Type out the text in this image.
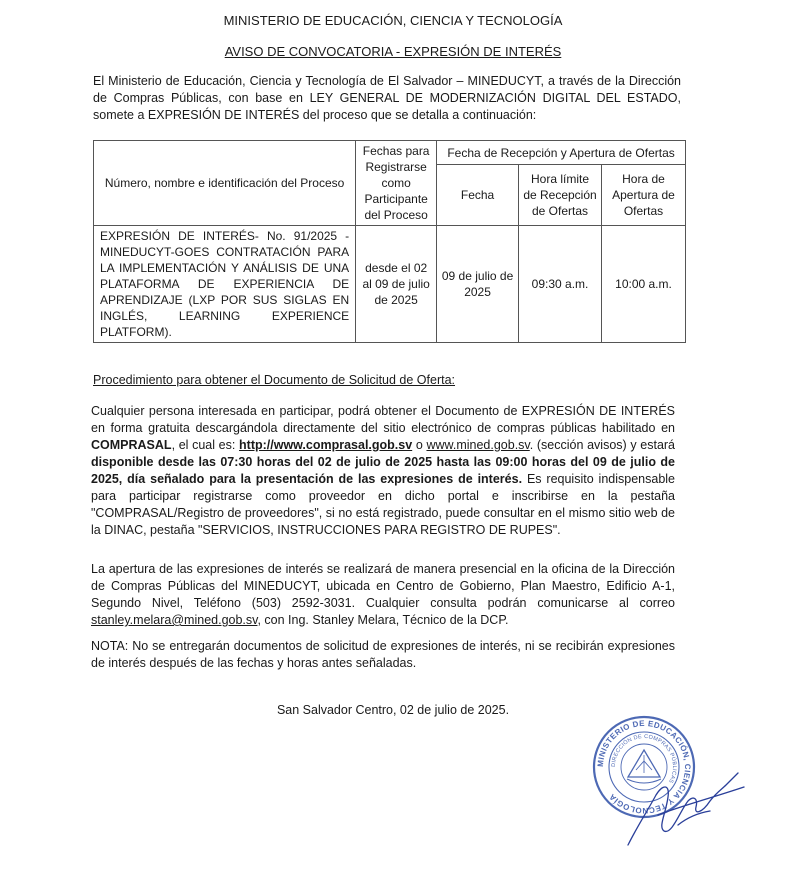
MINISTERIO DE EDUCACIÓN, CIENCIA Y TECNOLOGÍA
AVISO DE CONVOCATORIA - EXPRESIÓN DE INTERÉS
El Ministerio de Educación, Ciencia y Tecnología de El Salvador – MINEDUCYT, a través de la Dirección de Compras Públicas, con base en LEY GENERAL DE MODERNIZACIÓN DIGITAL DEL ESTADO, somete a EXPRESIÓN DE INTERÉS del proceso que se detalla a continuación:
Número, nombre e identificación del Proceso	Fechas para Registrarse como Participante del Proceso	Fecha de Recepción y Apertura de Ofertas		
		Fecha	Hora límite de Recepción de Ofertas	Hora de Apertura de Ofertas
EXPRESIÓN DE INTERÉS- No. 91/2025 - MINEDUCYT-GOES CONTRATACIÓN PARA LA IMPLEMENTACIÓN Y ANÁLISIS DE UNA PLATAFORMA DE EXPERIENCIA DE APRENDIZAJE (LXP POR SUS SIGLAS EN INGLÉS, LEARNING EXPERIENCE PLATFORM).	desde el 02 al 09 de julio de 2025	09 de julio de 2025	09:30 a.m.	10:00 a.m.
Procedimiento para obtener el Documento de Solicitud de Oferta:
Cualquier persona interesada en participar, podrá obtener el Documento de EXPRESIÓN DE INTERÉS en forma gratuita descargándola directamente del sitio electrónico de compras públicas habilitado en COMPRASAL, el cual es: http://www.comprasal.gob.sv o www.mined.gob.sv. (sección avisos) y estará disponible desde las 07:30 horas del 02 de julio de 2025 hasta las 09:00 horas del 09 de julio de 2025, día señalado para la presentación de las expresiones de interés. Es requisito indispensable para participar registrarse como proveedor en dicho portal e inscribirse en la pestaña "COMPRASAL/Registro de proveedores", si no está registrado, puede consultar en el mismo sitio web de la DINAC, pestaña "SERVICIOS, INSTRUCCIONES PARA REGISTRO DE RUPES".
La apertura de las expresiones de interés se realizará de manera presencial en la oficina de la Dirección de Compras Públicas del MINEDUCYT, ubicada en Centro de Gobierno, Plan Maestro, Edificio A-1, Segundo Nivel, Teléfono (503) 2592-3031. Cualquier consulta podrán comunicarse al correo stanley.melara@mined.gob.sv, con Ing. Stanley Melara, Técnico de la DCP.
NOTA: No se entregarán documentos de solicitud de expresiones de interés, ni se recibirán expresiones de interés después de las fechas y horas antes señaladas.
San Salvador Centro, 02 de julio de 2025.
MINISTERIO DE EDUCACIÓN, CIENCIA Y TECNOLOGÍA
DIRECCIÓN DE COMPRAS PÚBLICAS
